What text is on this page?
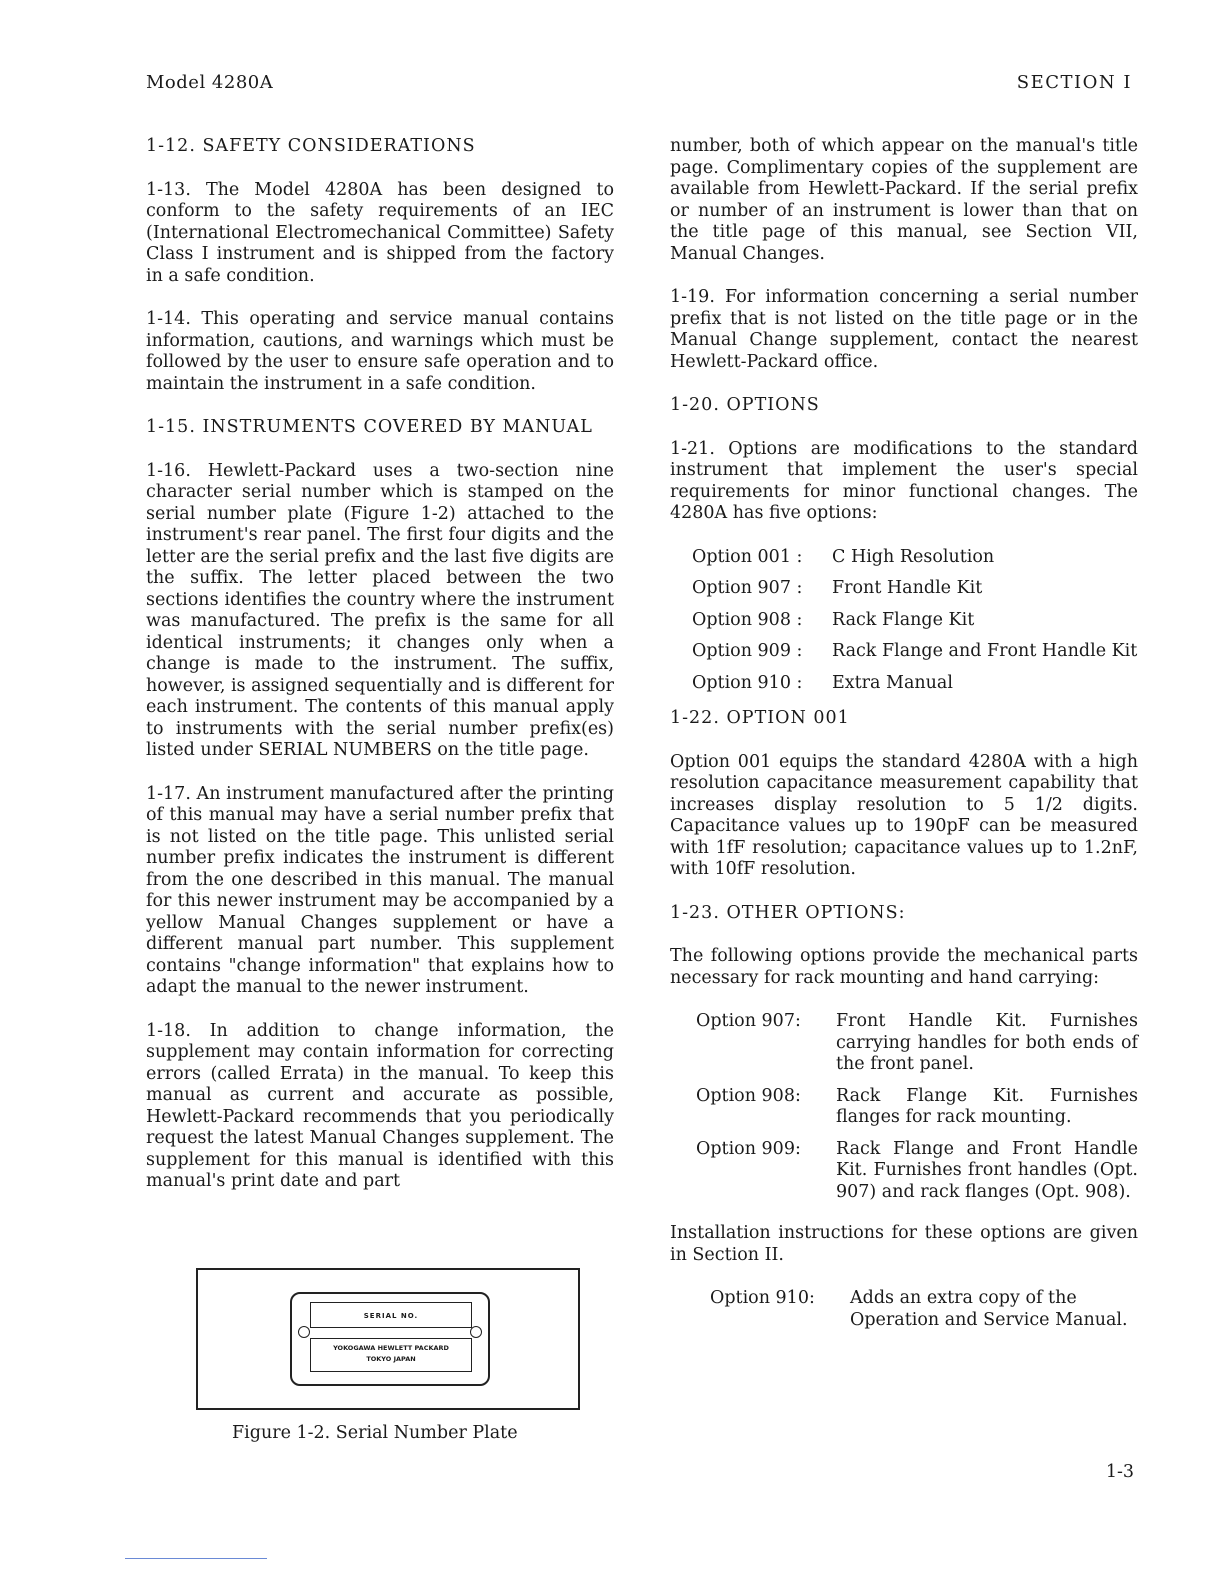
Model 4280A	SECTION I
1-12. SAFETY CONSIDERATIONS

1-13. The Model 4280A has been designed to conform to the safety requirements of an IEC (International Electromechanical Committee) Safety Class I instrument and is shipped from the factory in a safe condition.

1-14. This operating and service manual contains information, cautions, and warnings which must be followed by the user to ensure safe operation and to maintain the instrument in a safe condition.

1-15. INSTRUMENTS COVERED BY MANUAL

1-16. Hewlett-Packard uses a two-section nine character serial number which is stamped on the serial number plate (Figure 1-2) attached to the instrument's rear panel. The first four digits and the letter are the serial prefix and the last five digits are the suffix. The letter placed between the two sections identifies the country where the instrument was manufactured. The prefix is the same for all identical instruments; it changes only when a change is made to the instrument. The suffix, however, is assigned sequentially and is different for each instrument. The contents of this manual apply to instruments with the serial number prefix(es) listed under SERIAL NUMBERS on the title page.

1-17. An instrument manufactured after the printing of this manual may have a serial number prefix that is not listed on the title page. This unlisted serial number prefix indicates the instrument is different from the one described in this manual. The manual for this newer instrument may be accompanied by a yellow Manual Changes supplement or have a different manual part number. This supplement contains "change information" that explains how to adapt the manual to the newer instrument.

1-18. In addition to change information, the supplement may contain information for correcting errors (called Errata) in the manual. To keep this manual as current and accurate as possible, Hewlett-Packard recommends that you periodically request the latest Manual Changes supplement. The supplement for this manual is identified with this manual's print date and part

SERIAL NO.
YOKOGAWA HEWLETT PACKARD
TOKYO JAPAN
Figure 1-2. Serial Number Plate

number, both of which appear on the manual's title page. Complimentary copies of the supplement are available from Hewlett-Packard. If the serial prefix or number of an instrument is lower than that on the title page of this manual, see Section VII, Manual Changes.

1-19. For information concerning a serial number prefix that is not listed on the title page or in the Manual Change supplement, contact the nearest Hewlett-Packard office.

1-20. OPTIONS

1-21. Options are modifications to the standard instrument that implement the user's special requirements for minor functional changes. The 4280A has five options:

Option 001 :	C High Resolution
Option 907 :	Front Handle Kit
Option 908 :	Rack Flange Kit
Option 909 :	Rack Flange and Front Handle Kit
Option 910 :	Extra Manual
1-22. OPTION 001

Option 001 equips the standard 4280A with a high resolution capacitance measurement capability that increases display resolution to 5 1/2 digits. Capacitance values up to 190pF can be measured with 1fF resolution; capacitance values up to 1.2nF, with 10fF resolution.

1-23. OTHER OPTIONS:

The following options provide the mechanical parts necessary for rack mounting and hand carrying:

Option 907:	Front Handle Kit. Furnishes carrying handles for both ends of the front panel.
Option 908:	Rack Flange Kit. Furnishes flanges for rack mounting.
Option 909:	Rack Flange and Front Handle Kit. Furnishes front handles (Opt. 907) and rack flanges (Opt. 908).

Installation instructions for these options are given in Section II.

Option 910:	Adds an extra copy of the Operation and Service Manual.
1-3
